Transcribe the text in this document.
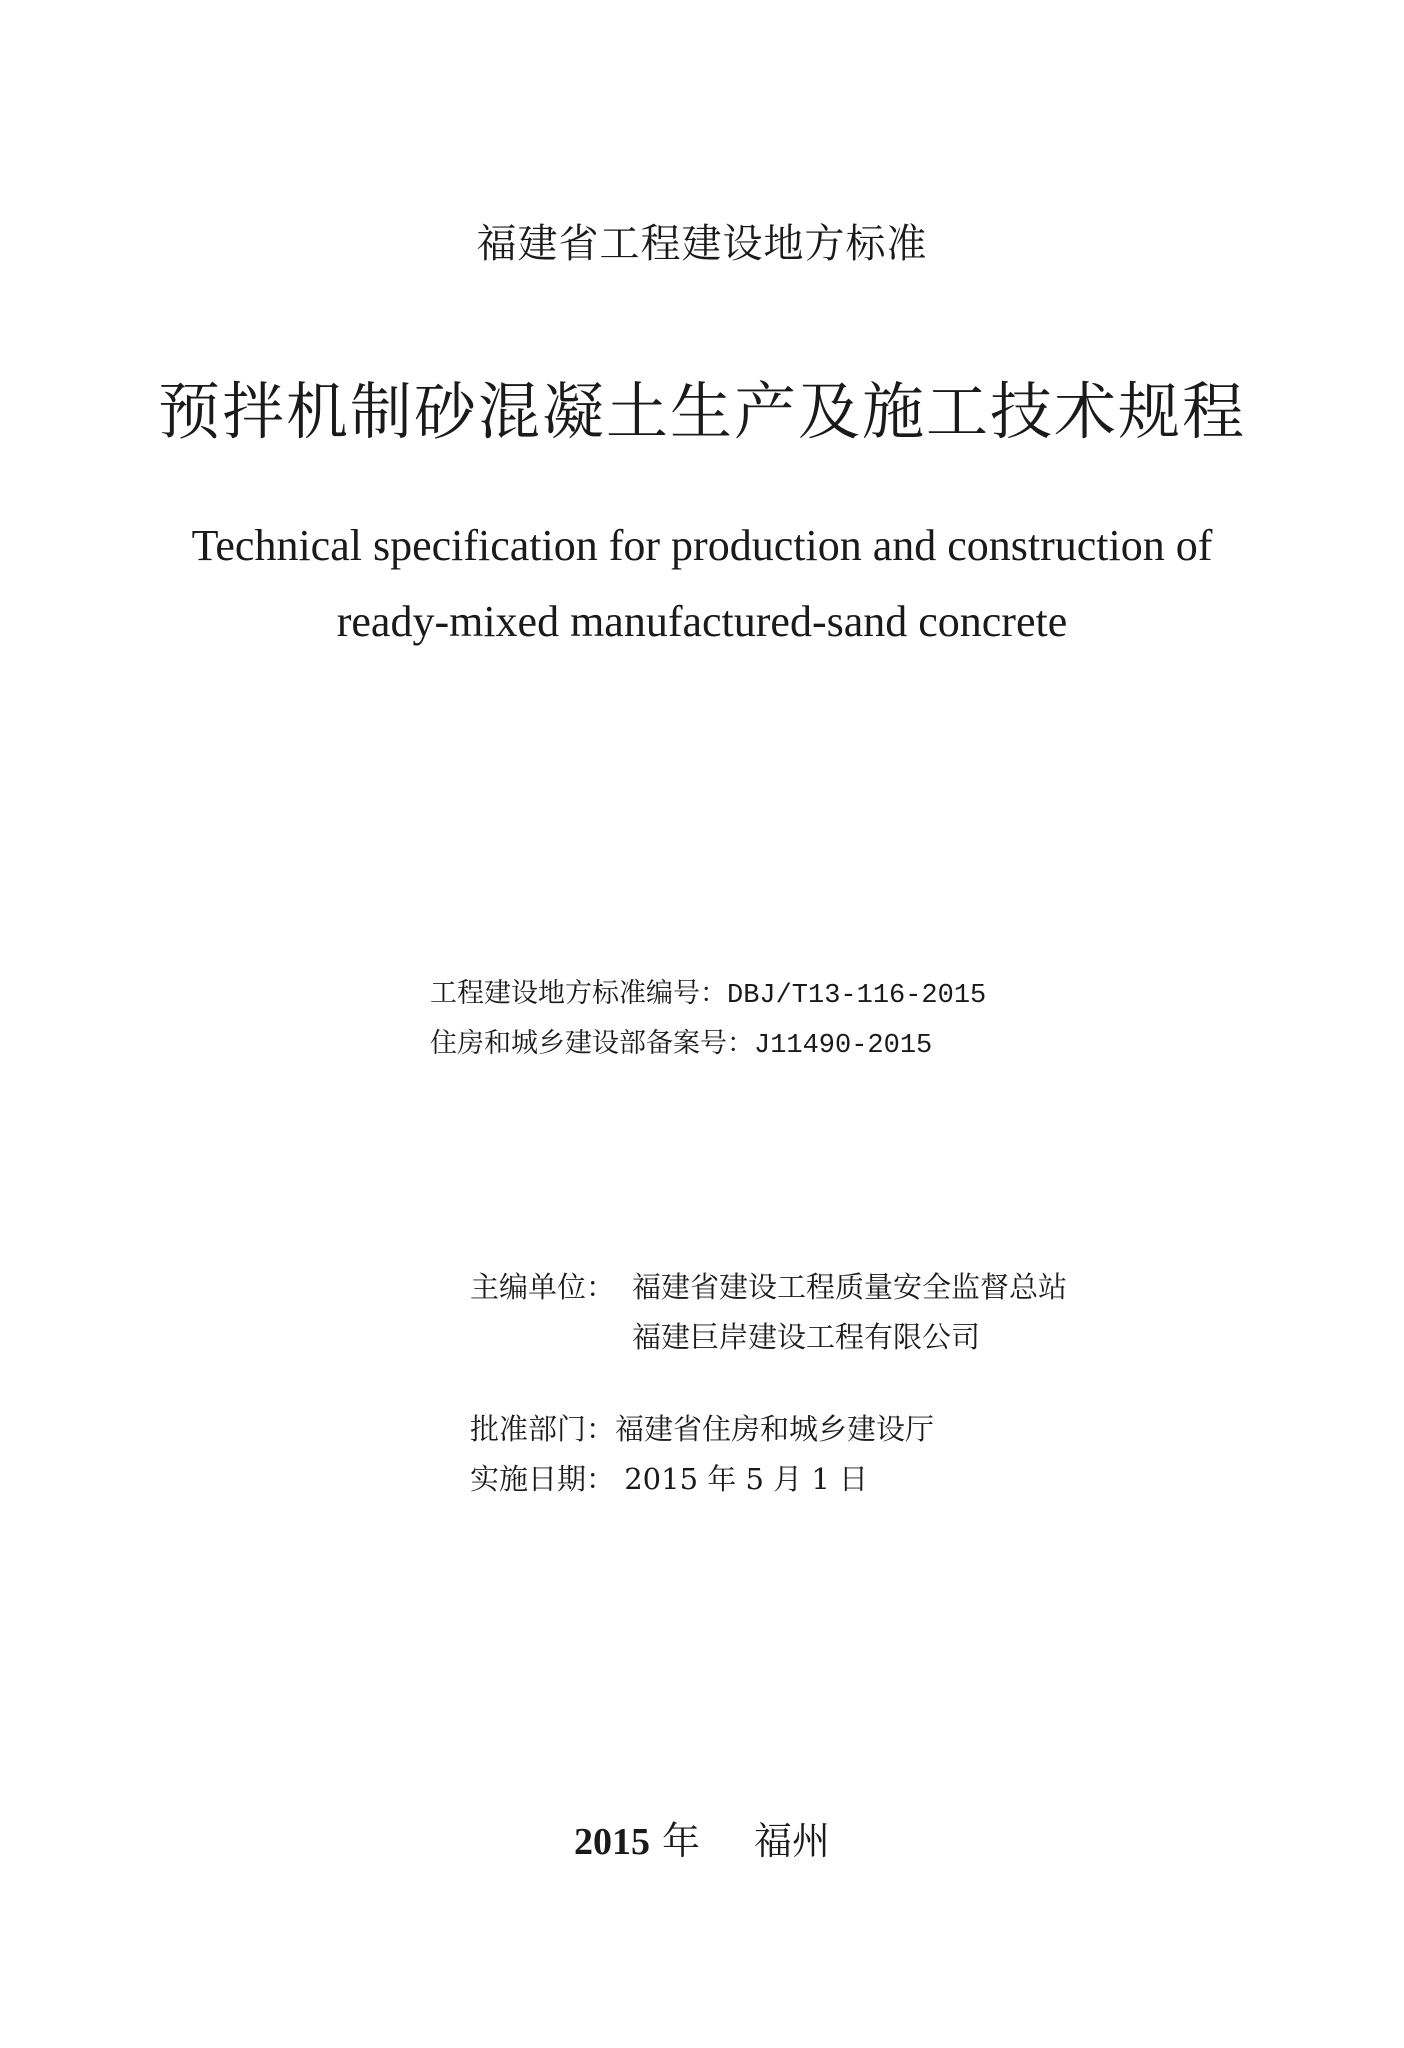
福建省工程建设地方标准
预拌机制砂混凝土生产及施工技术规程
Technical specification for production and construction of
ready-mixed manufactured-sand concrete
工程建设地方标准编号：DBJ/T13-116-2015
住房和城乡建设部备案号：J11490-2015
主编单位： 福建省建设工程质量安全监督总站
福建巨岸建设工程有限公司
批准部门：福建省住房和城乡建设厅
实施日期： 2015 年 5 月 1 日
2015 年 福州
